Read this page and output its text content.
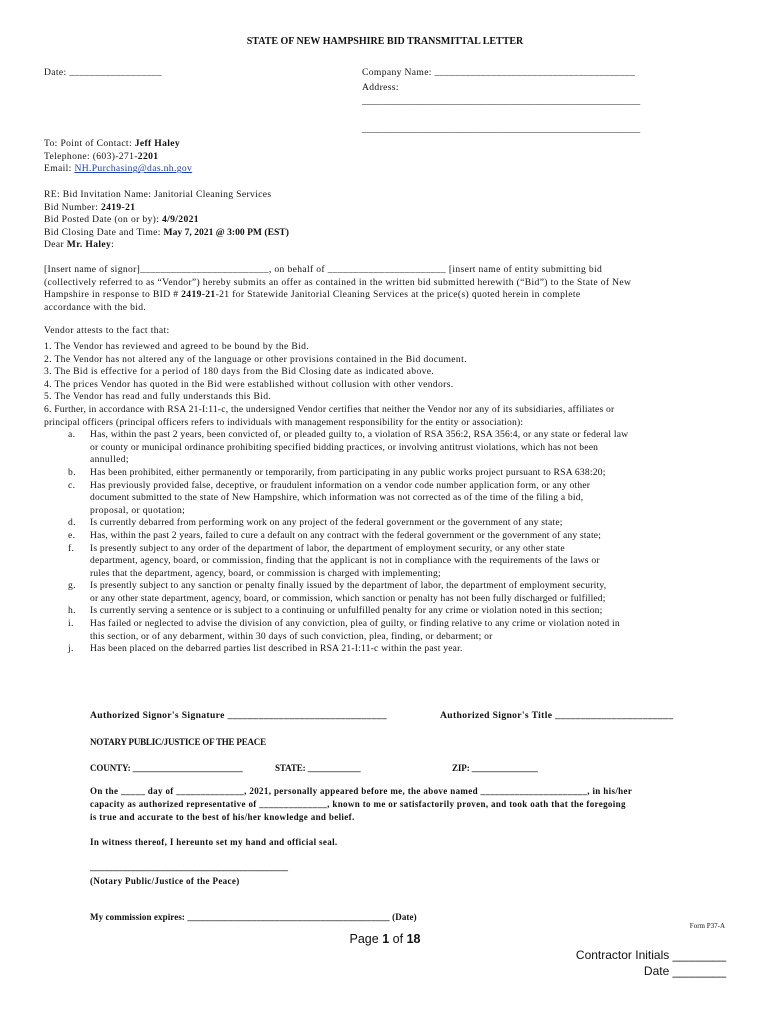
STATE OF NEW HAMPSHIRE BID TRANSMITTAL LETTER
Date: __________________	Company Name: _______________________________________
Address:
__________________________________________________________
__________________________________________________________
To: Point of Contact: Jeff Haley
Telephone: (603)-271-2201
Email: NH.Purchasing@das.nh.gov
RE: Bid Invitation Name: Janitorial Cleaning Services
Bid Number: 2419-21
Bid Posted Date (on or by): 4/9/2021
Bid Closing Date and Time: May 7, 2021 @ 3:00 PM (EST)
Dear Mr. Haley:
[Insert name of signor]_________________________, on behalf of _______________________ [insert name of entity submitting bid
(collectively referred to as “Vendor”) hereby submits an offer as contained in the written bid submitted herewith (“Bid”) to the State of New
Hampshire in response to BID # 2419-21-21 for Statewide Janitorial Cleaning Services at the price(s) quoted herein in complete
accordance with the bid.
Vendor attests to the fact that:
1. The Vendor has reviewed and agreed to be bound by the Bid.
2. The Vendor has not altered any of the language or other provisions contained in the Bid document.
3. The Bid is effective for a period of 180 days from the Bid Closing date as indicated above.
4. The prices Vendor has quoted in the Bid were established without collusion with other vendors.
5. The Vendor has read and fully understands this Bid.
6. Further, in accordance with RSA 21-I:11-c, the undersigned Vendor certifies that neither the Vendor nor any of its subsidiaries, affiliates or
principal officers (principal officers refers to individuals with management responsibility for the entity or association):
a. Has, within the past 2 years, been convicted of, or pleaded guilty to, a violation of RSA 356:2, RSA 356:4, or any state or federal law
or county or municipal ordinance prohibiting specified bidding practices, or involving antitrust violations, which has not been
annulled;
b. Has been prohibited, either permanently or temporarily, from participating in any public works project pursuant to RSA 638:20;
c. Has previously provided false, deceptive, or fraudulent information on a vendor code number application form, or any other
document submitted to the state of New Hampshire, which information was not corrected as of the time of the filing a bid,
proposal, or quotation;
d. Is currently debarred from performing work on any project of the federal government or the government of any state;
e. Has, within the past 2 years, failed to cure a default on any contract with the federal government or the government of any state;
f. Is presently subject to any order of the department of labor, the department of employment security, or any other state
department, agency, board, or commission, finding that the applicant is not in compliance with the requirements of the laws or
rules that the department, agency, board, or commission is charged with implementing;
g. Is presently subject to any sanction or penalty finally issued by the department of labor, the department of employment security,
or any other state department, agency, board, or commission, which sanction or penalty has not been fully discharged or fulfilled;
h. Is currently serving a sentence or is subject to a continuing or unfulfilled penalty for any crime or violation noted in this section;
i. Has failed or neglected to advise the division of any conviction, plea of guilty, or finding relative to any crime or violation noted in
this section, or of any debarment, within 30 days of such conviction, plea, finding, or debarment; or
j. Has been placed on the debarred parties list described in RSA 21-I:11-c within the past year.
Authorized Signor's Signature _______________________________	Authorized Signor's Title _______________________
NOTARY PUBLIC/JUSTICE OF THE PEACE
COUNTY: _________________________	STATE: ____________	ZIP: _______________
On the _____ day of ______________, 2021, personally appeared before me, the above named ______________________, in his/her
capacity as authorized representative of ______________, known to me or satisfactorily proven, and took oath that the foregoing
is true and accurate to the best of his/her knowledge and belief.
In witness thereof, I hereunto set my hand and official seal.
______________________________________________
(Notary Public/Justice of the Peace)
My commission expires: ____________________________________________ (Date)
Form P37-A
Page 1 of 18
Contractor Initials ________
Date ________
